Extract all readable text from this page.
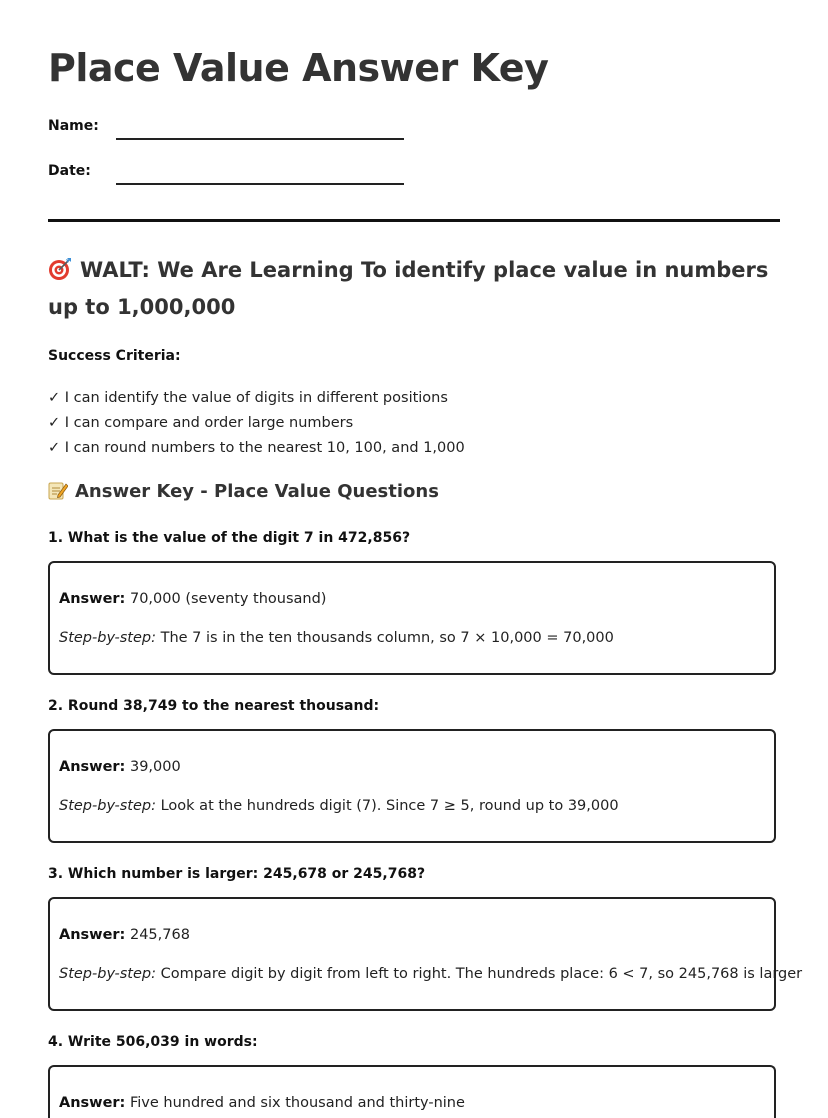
Place Value Answer Key
Name:
Date:
WALT: We Are Learning To identify place value in numbers up to 1,000,000
Success Criteria:
✓ I can identify the value of digits in different positions
✓ I can compare and order large numbers
✓ I can round numbers to the nearest 10, 100, and 1,000
Answer Key - Place Value Questions
1. What is the value of the digit 7 in 472,856?
Answer: 70,000 (seventy thousand)
Step-by-step: The 7 is in the ten thousands column, so 7 × 10,000 = 70,000
2. Round 38,749 to the nearest thousand:
Answer: 39,000
Step-by-step: Look at the hundreds digit (7). Since 7 ≥ 5, round up to 39,000
3. Which number is larger: 245,678 or 245,768?
Answer: 245,768
Step-by-step: Compare digit by digit from left to right. The hundreds place: 6 < 7, so 245,768 is larger
4. Write 506,039 in words:
Answer: Five hundred and six thousand and thirty-nine
